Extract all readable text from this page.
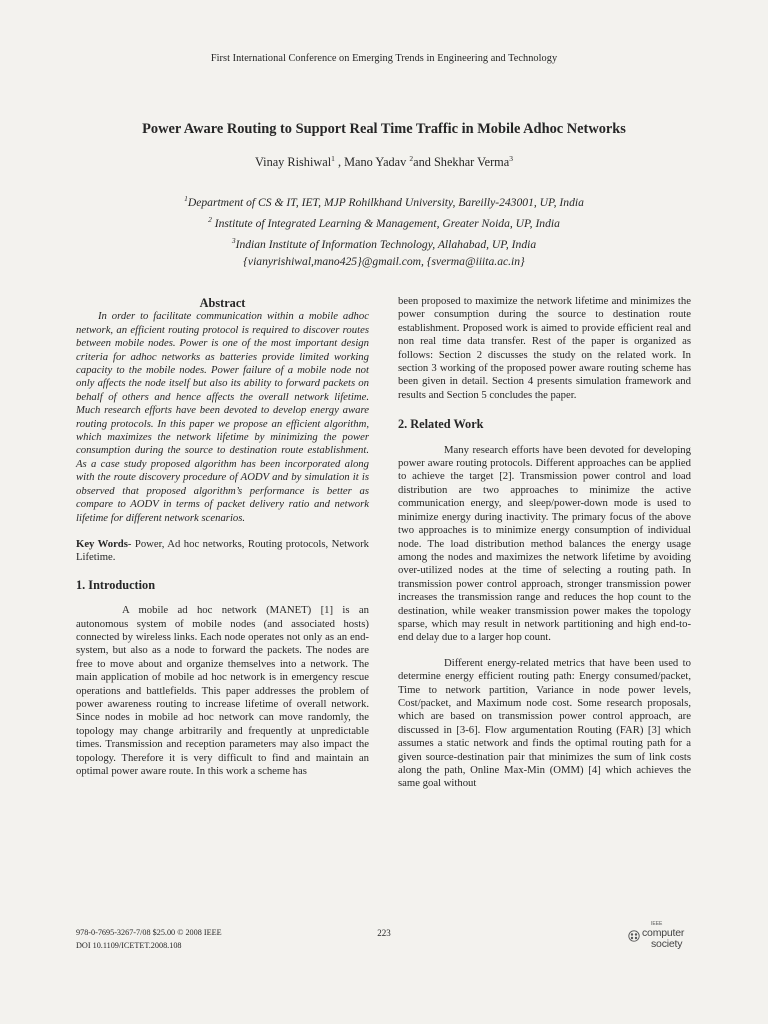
First International Conference on Emerging Trends in Engineering and Technology
Power Aware Routing to Support Real Time Traffic in Mobile Adhoc Networks
Vinay Rishiwal$^1$ , Mano Yadav $^2$and Shekhar Verma$^3$
$^1$Department of CS & IT, IET, MJP Rohilkhand University, Bareilly-243001, UP, India
$^2$ Institute of Integrated Learning & Management, Greater Noida, UP, India
$^3$Indian Institute of Information Technology, Allahabad, UP, India
{vianyrishiwal,mano425}@gmail.com, {sverma@iiita.ac.in}

Abstract

In order to facilitate communication within a mobile adhoc network, an efficient routing protocol is required to discover routes between mobile nodes. Power is one of the most important design criteria for adhoc networks as batteries provide limited working capacity to the mobile nodes. Power failure of a mobile node not only affects the node itself but also its ability to forward packets on behalf of others and hence affects the overall network lifetime. Much research efforts have been devoted to develop energy aware routing protocols. In this paper we propose an efficient algorithm, which maximizes the network lifetime by minimizing the power consumption during the source to destination route establishment. As a case study proposed algorithm has been incorporated along with the route discovery procedure of AODV and by simulation it is observed that proposed algorithm’s performance is better as compare to AODV in terms of packet delivery ratio and network lifetime for different network scenarios.

Key Words- Power, Ad hoc networks, Routing protocols, Network Lifetime.

1. Introduction

A mobile ad hoc network (MANET) [1] is an autonomous system of mobile nodes (and associated hosts) connected by wireless links. Each node operates not only as an end-system, but also as a node to forward the packets. The nodes are free to move about and organize themselves into a network. The main application of mobile ad hoc network is in emergency rescue operations and battlefields. This paper addresses the problem of power awareness routing to increase lifetime of overall network. Since nodes in mobile ad hoc network can move randomly, the topology may change arbitrarily and frequently at unpredictable times. Transmission and reception parameters may also impact the topology. Therefore it is very difficult to find and maintain an optimal power aware route. In this work a scheme has

been proposed to maximize the network lifetime and minimizes the power consumption during the source to destination route establishment. Proposed work is aimed to provide efficient real and non real time data transfer. Rest of the paper is organized as follows: Section 2 discusses the study on the related work. In section 3 working of the proposed power aware routing scheme has been given in detail. Section 4 presents simulation framework and results and Section 5 concludes the paper.

2. Related Work

Many research efforts have been devoted for developing power aware routing protocols. Different approaches can be applied to achieve the target [2]. Transmission power control and load distribution are two approaches to minimize the active communication energy, and sleep/power-down mode is used to minimize energy during inactivity. The primary focus of the above two approaches is to minimize energy consumption of individual node. The load distribution method balances the energy usage among the nodes and maximizes the network lifetime by avoiding over-utilized nodes at the time of selecting a routing path. In transmission power control approach, stronger transmission power increases the transmission range and reduces the hop count to the destination, while weaker transmission power makes the topology sparse, which may result in network partitioning and high end-to-end delay due to a larger hop count.

Different energy-related metrics that have been used to determine energy efficient routing path: Energy consumed/packet, Time to network partition, Variance in node power levels, Cost/packet, and Maximum node cost. Some research proposals, which are based on transmission power control approach, are discussed in [3-6]. Flow argumentation Routing (FAR) [3] which assumes a static network and finds the optimal routing path for a given source-destination pair that minimizes the sum of link costs along the path, Online Max-Min (OMM) [4] which achieves the same goal without

978-0-7695-3267-7/08 $25.00 © 2008 IEEE
DOI 10.1109/ICETET.2008.108
223
IEEE
computer
society
